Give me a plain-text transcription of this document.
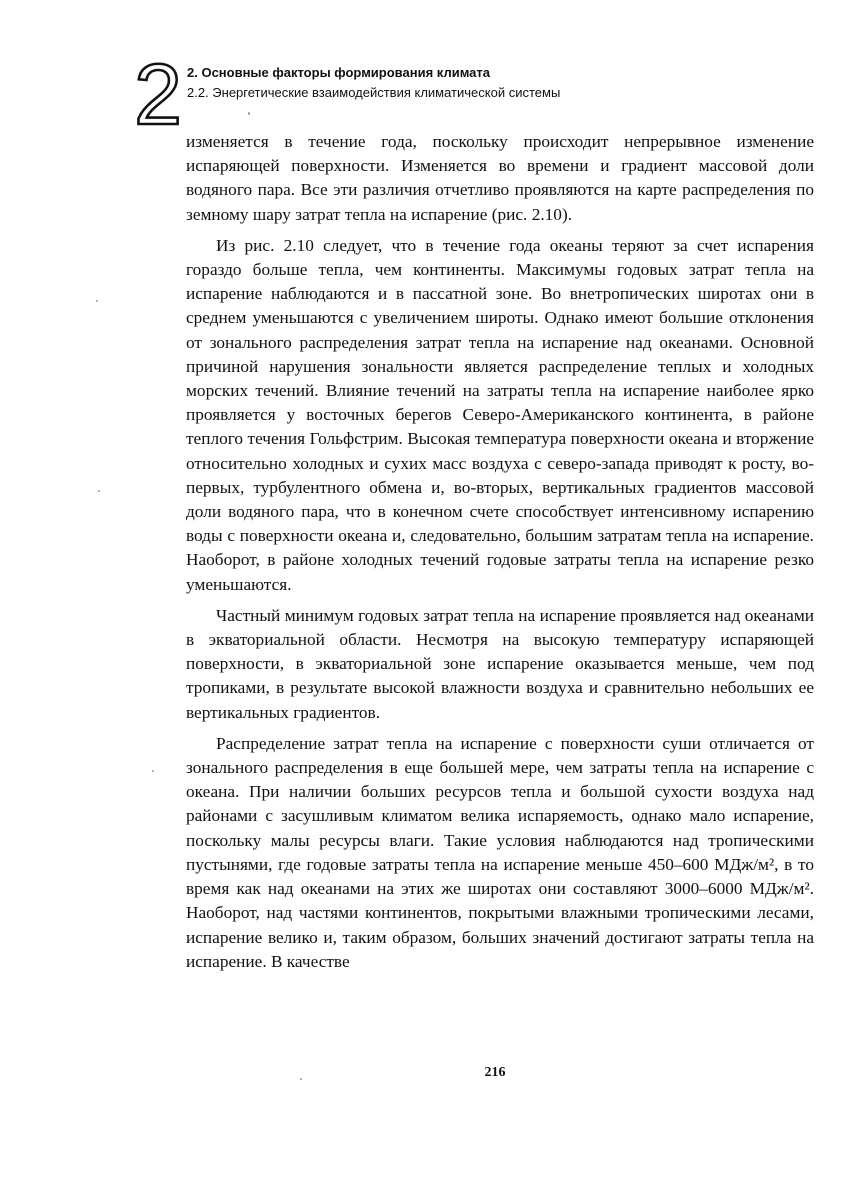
2 2. Основные факторы формирования климата
2.2. Энергетические взаимодействия климатической системы

изменяется в течение года, поскольку происходит непрерывное изменение испаряющей поверхности. Изменяется во времени и градиент массовой доли водяного пара. Все эти различия отчетливо проявляются на карте распределения по земному шару затрат тепла на испарение (рис. 2.10).

Из рис. 2.10 следует, что в течение года океаны теряют за счет испарения гораздо больше тепла, чем континенты. Максимумы годовых затрат тепла на испарение наблюдаются и в пассатной зоне. Во внетропических широтах они в среднем уменьшаются с увеличением широты. Однако имеют большие отклонения от зонального распределения затрат тепла на испарение над океанами. Основной причиной нарушения зональности является распределение теплых и холодных морских течений. Влияние течений на затраты тепла на испарение наиболее ярко проявляется у восточных берегов Северо-Американского континента, в районе теплого течения Гольфстрим. Высокая температура поверхности океана и вторжение относительно холодных и сухих масс воздуха с северо-запада приводят к росту, во-первых, турбулентного обмена и, во-вторых, вертикальных градиентов массовой доли водяного пара, что в конечном счете способствует интенсивному испарению воды с поверхности океана и, следовательно, большим затратам тепла на испарение. Наоборот, в районе холодных течений годовые затраты тепла на испарение резко уменьшаются.

Частный минимум годовых затрат тепла на испарение проявляется над океанами в экваториальной области. Несмотря на высокую температуру испаряющей поверхности, в экваториальной зоне испарение оказывается меньше, чем под тропиками, в результате высокой влажности воздуха и сравнительно небольших ее вертикальных градиентов.

Распределение затрат тепла на испарение с поверхности суши отличается от зонального распределения в еще большей мере, чем затраты тепла на испарение с океана. При наличии больших ресурсов тепла и большой сухости воздуха над районами с засушливым климатом велика испаряемость, однако мало испарение, поскольку малы ресурсы влаги. Такие условия наблюдаются над тропическими пустынями, где годовые затраты тепла на испарение меньше 450–600 МДж/м², в то время как над океанами на этих же широтах они составляют 3000–6000 МДж/м². Наоборот, над частями континентов, покрытыми влажными тропическими лесами, испарение велико и, таким образом, больших значений достигают затраты тепла на испарение. В качестве

216
